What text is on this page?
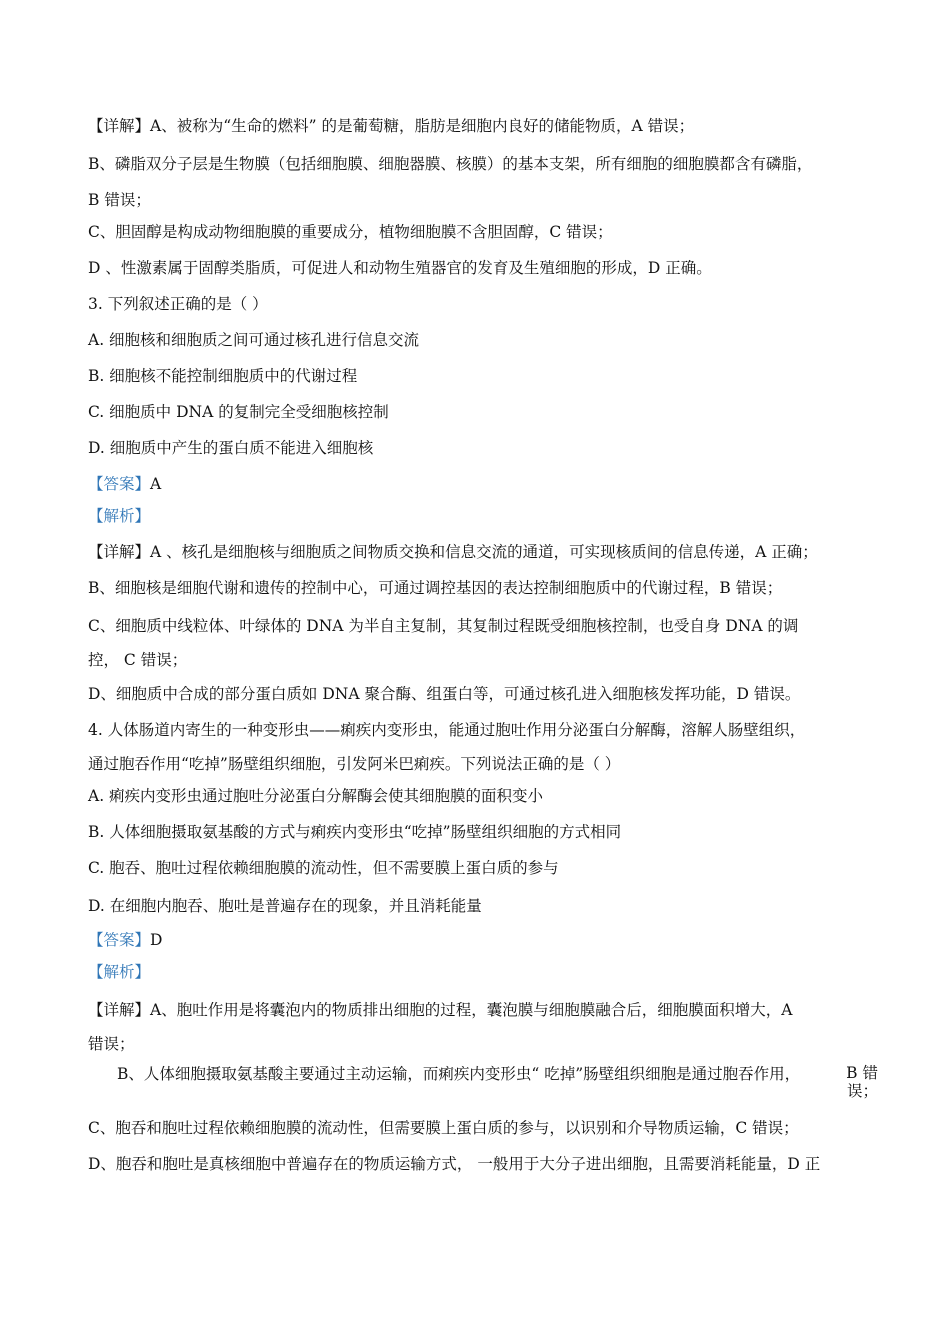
【详解】A、被称为“生命的燃料” 的是葡萄糖，脂肪是细胞内良好的储能物质，A 错误；
B、磷脂双分子层是生物膜（包括细胞膜、细胞器膜、核膜）的基本支架，所有细胞的细胞膜都含有磷脂，
B 错误；
C、胆固醇是构成动物细胞膜的重要成分，植物细胞膜不含胆固醇，C 错误；
D 、性激素属于固醇类脂质，可促进人和动物生殖器官的发育及生殖细胞的形成，D 正确。
3. 下列叙述正确的是（ ）
A. 细胞核和细胞质之间可通过核孔进行信息交流
B. 细胞核不能控制细胞质中的代谢过程
C. 细胞质中 DNA 的复制完全受细胞核控制
D. 细胞质中产生的蛋白质不能进入细胞核
【答案】A
【解析】
【详解】A 、核孔是细胞核与细胞质之间物质交换和信息交流的通道，可实现核质间的信息传递，A 正确；
B、细胞核是细胞代谢和遗传的控制中心，可通过调控基因的表达控制细胞质中的代谢过程，B 错误；
C、细胞质中线粒体、叶绿体的 DNA 为半自主复制，其复制过程既受细胞核控制，也受自身 DNA 的调
控， C 错误；
D、细胞质中合成的部分蛋白质如 DNA 聚合酶、组蛋白等，可通过核孔进入细胞核发挥功能，D 错误。
4. 人体肠道内寄生的一种变形虫——痢疾内变形虫，能通过胞吐作用分泌蛋白分解酶，溶解人肠壁组织，
通过胞吞作用“吃掉”肠壁组织细胞，引发阿米巴痢疾。下列说法正确的是（ ）
A. 痢疾内变形虫通过胞吐分泌蛋白分解酶会使其细胞膜的面积变小
B. 人体细胞摄取氨基酸的方式与痢疾内变形虫“吃掉”肠壁组织细胞的方式相同
C. 胞吞、胞吐过程依赖细胞膜的流动性，但不需要膜上蛋白质的参与
D. 在细胞内胞吞、胞吐是普遍存在的现象，并且消耗能量
【答案】D
【解析】
【详解】A、胞吐作用是将囊泡内的物质排出细胞的过程，囊泡膜与细胞膜融合后，细胞膜面积增大，A
错误；
B、人体细胞摄取氨基酸主要通过主动运输，而痢疾内变形虫“ 吃掉”肠壁组织细胞是通过胞吞作用，	B 错
误；
C、胞吞和胞吐过程依赖细胞膜的流动性，但需要膜上蛋白质的参与，以识别和介导物质运输，C 错误；
D、胞吞和胞吐是真核细胞中普遍存在的物质运输方式， 一般用于大分子进出细胞，且需要消耗能量，D 正
